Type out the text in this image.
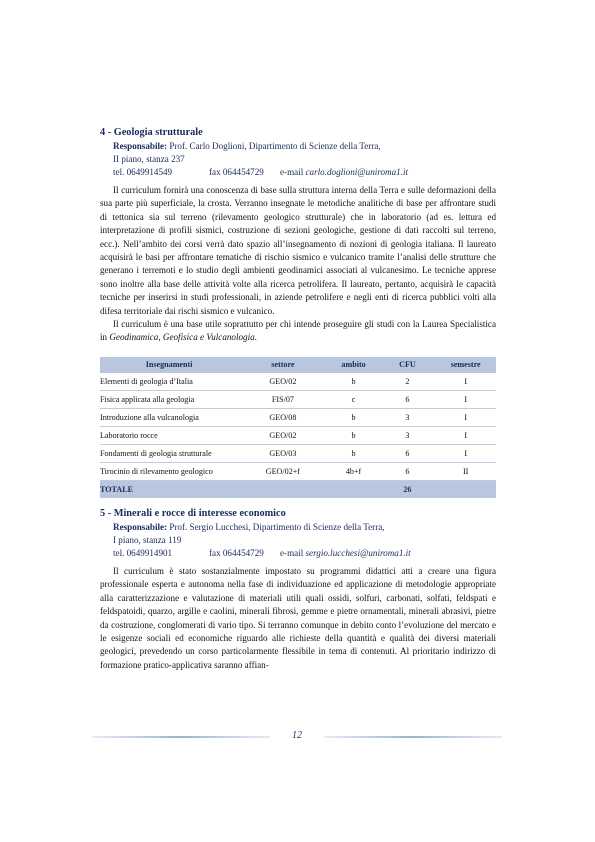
4 - Geologia strutturale
Responsabile: Prof. Carlo Doglioni, Dipartimento di Scienze della Terra,
II piano, stanza 237
tel. 0649914549	fax 064454729 e-mail carlo.doglioni@uniroma1.it

Il curriculum fornirà una conoscenza di base sulla struttura interna della Terra e sulle deformazioni della sua parte più superficiale, la crosta. Verranno insegnate le metodiche analitiche di base per affrontare studi di tettonica sia sul terreno (rilevamento geologico strutturale) che in laboratorio (ad es. lettura ed interpretazione di profili sismici, costruzione di sezioni geologiche, gestione di dati raccolti sul terreno, ecc.). Nell’ambito dei corsi verrà dato spazio all’insegnamento di nozioni di geologia italiana. Il laureato acquisirà le basi per affrontare tematiche di rischio sismico e vulcanico tramite l’analisi delle strutture che generano i terremoti e lo studio degli ambienti geodinamici associati al vulcanesimo. Le tecniche apprese sono inoltre alla base delle attività volte alla ricerca petrolifera. Il laureato, pertanto, acquisirà le capacità tecniche per inserirsi in studi professionali, in aziende petrolifere e negli enti di ricerca pubblici volti alla difesa territoriale dai rischi sismico e vulcanico.

Il curriculum è una base utile soprattutto per chi intende proseguire gli studi con la Laurea Specialistica in Geodinamica, Geofisica e Vulcanologia.

Insegnamenti	settore	ambito	CFU	semestre
Elementi di geologia d’Italia	GEO/02	b	2	I
Fisica applicata alla geologia	FIS/07	c	6	I
Introduzione alla vulcanologia	GEO/08	b	3	I
Laboratorio rocce	GEO/02	b	3	I
Fondamenti di geologia strutturale	GEO/03	b	6	I
Tirocinio di rilevamento geologico	GEO/02+f	4b+f	6	II
TOTALE			26	
5 - Minerali e rocce di interesse economico
Responsabile: Prof. Sergio Lucchesi, Dipartimento di Scienze della Terra,
I piano, stanza 119
tel. 0649914901	fax 064454729 e-mail sergio.lucchesi@uniroma1.it

Il curriculum è stato sostanzialmente impostato su programmi didattici atti a creare una figura professionale esperta e autonoma nella fase di individuazione ed applicazione di metodologie appropriate alla caratterizzazione e valutazione di materiali utili quali ossidi, solfuri, carbonati, solfati, feldspati e feldspatoidi, quarzo, argille e caolini, minerali fibrosi, gemme e pietre ornamentali, minerali abrasivi, pietre da costruzione, conglomerati di vario tipo. Si terranno comunque in debito conto l’evoluzione del mercato e le esigenze sociali ed economiche riguardo alle richieste della quantità e qualità dei diversi materiali geologici, prevedendo un corso particolarmente flessibile in tema di contenuti. Al prioritario indirizzo di formazione pratico-applicativa saranno affian-

12
